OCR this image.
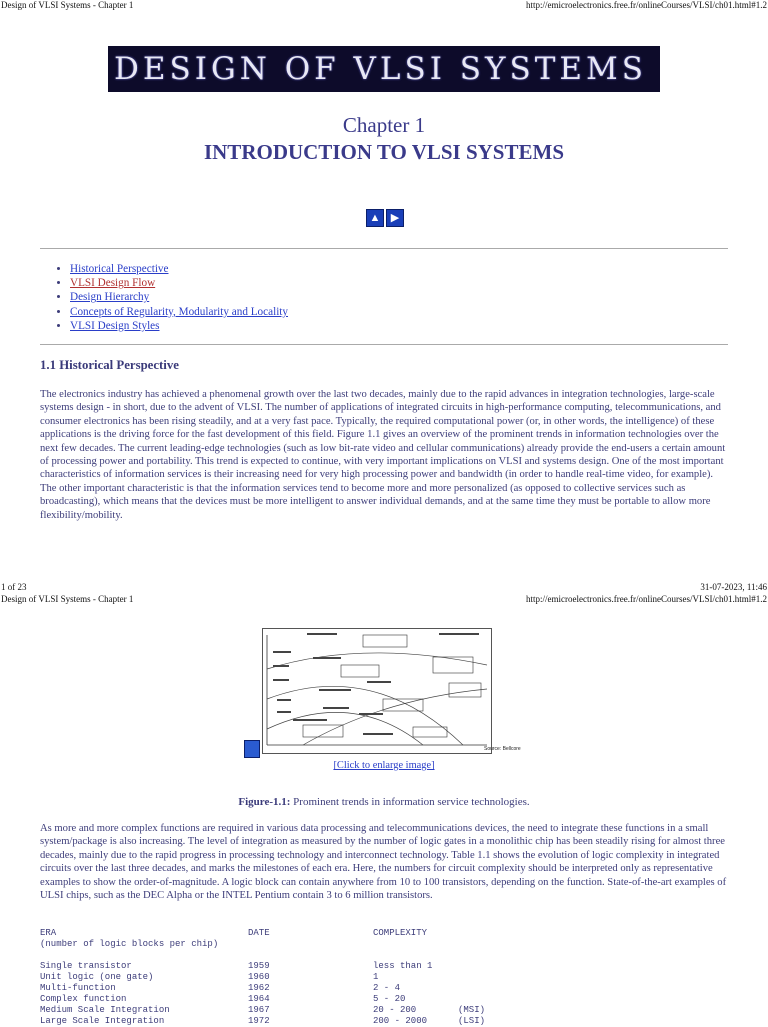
Design of VLSI Systems - Chapter 1	http://emicroelectronics.free.fr/onlineCourses/VLSI/ch01.html#1.2
DESIGN OF VLSI SYSTEMS
Chapter 1
INTRODUCTION TO VLSI SYSTEMS
▲ ▶
• Historical Perspective
• VLSI Design Flow
• Design Hierarchy
• Concepts of Regularity, Modularity and Locality
• VLSI Design Styles
1.1 Historical Perspective

The electronics industry has achieved a phenomenal growth over the last two decades, mainly due to the rapid advances in integration technologies, large-scale systems design - in short, due to the advent of VLSI. The number of applications of integrated circuits in high-performance computing, telecommunications, and consumer electronics has been rising steadily, and at a very fast pace. Typically, the required computational power (or, in other words, the intelligence) of these applications is the driving force for the fast development of this field. Figure 1.1 gives an overview of the prominent trends in information technologies over the next few decades. The current leading-edge technologies (such as low bit-rate video and cellular communications) already provide the end-users a certain amount of processing power and portability. This trend is expected to continue, with very important implications on VLSI and systems design. One of the most important characteristics of information services is their increasing need for very high processing power and bandwidth (in order to handle real-time video, for example). The other important characteristic is that the information services tend to become more and more personalized (as opposed to collective services such as broadcasting), which means that the devices must be more intelligent to answer individual demands, and at the same time they must be portable to allow more flexibility/mobility.

1 of 23	31-07-2023, 11:46
Design of VLSI Systems - Chapter 1	http://emicroelectronics.free.fr/onlineCourses/VLSI/ch01.html#1.2
Source: Bellcore
[Click to enlarge image]
Figure-1.1: Prominent trends in information service technologies.

As more and more complex functions are required in various data processing and telecommunications devices, the need to integrate these functions in a small system/package is also increasing. The level of integration as measured by the number of logic gates in a monolithic chip has been steadily rising for almost three decades, mainly due to the rapid progress in processing technology and interconnect technology. Table 1.1 shows the evolution of logic complexity in integrated circuits over the last three decades, and marks the milestones of each era. Here, the numbers for circuit complexity should be interpreted only as representative examples to show the order-of-magnitude. A logic block can contain anywhere from 10 to 100 transistors, depending on the function. State-of-the-art examples of ULSI chips, such as the DEC Alpha or the INTEL Pentium contain 3 to 6 million transistors.

ERA	DATE	COMPLEXITY
(number of logic blocks per chip)
Single transistor	1959	less than 1
Unit logic (one gate)	1960	1
Multi-function	1962	2 - 4
Complex function	1964	5 - 20
Medium Scale Integration	1967	20 - 200	(MSI)
Large Scale Integration	1972	200 - 2000	(LSI)
